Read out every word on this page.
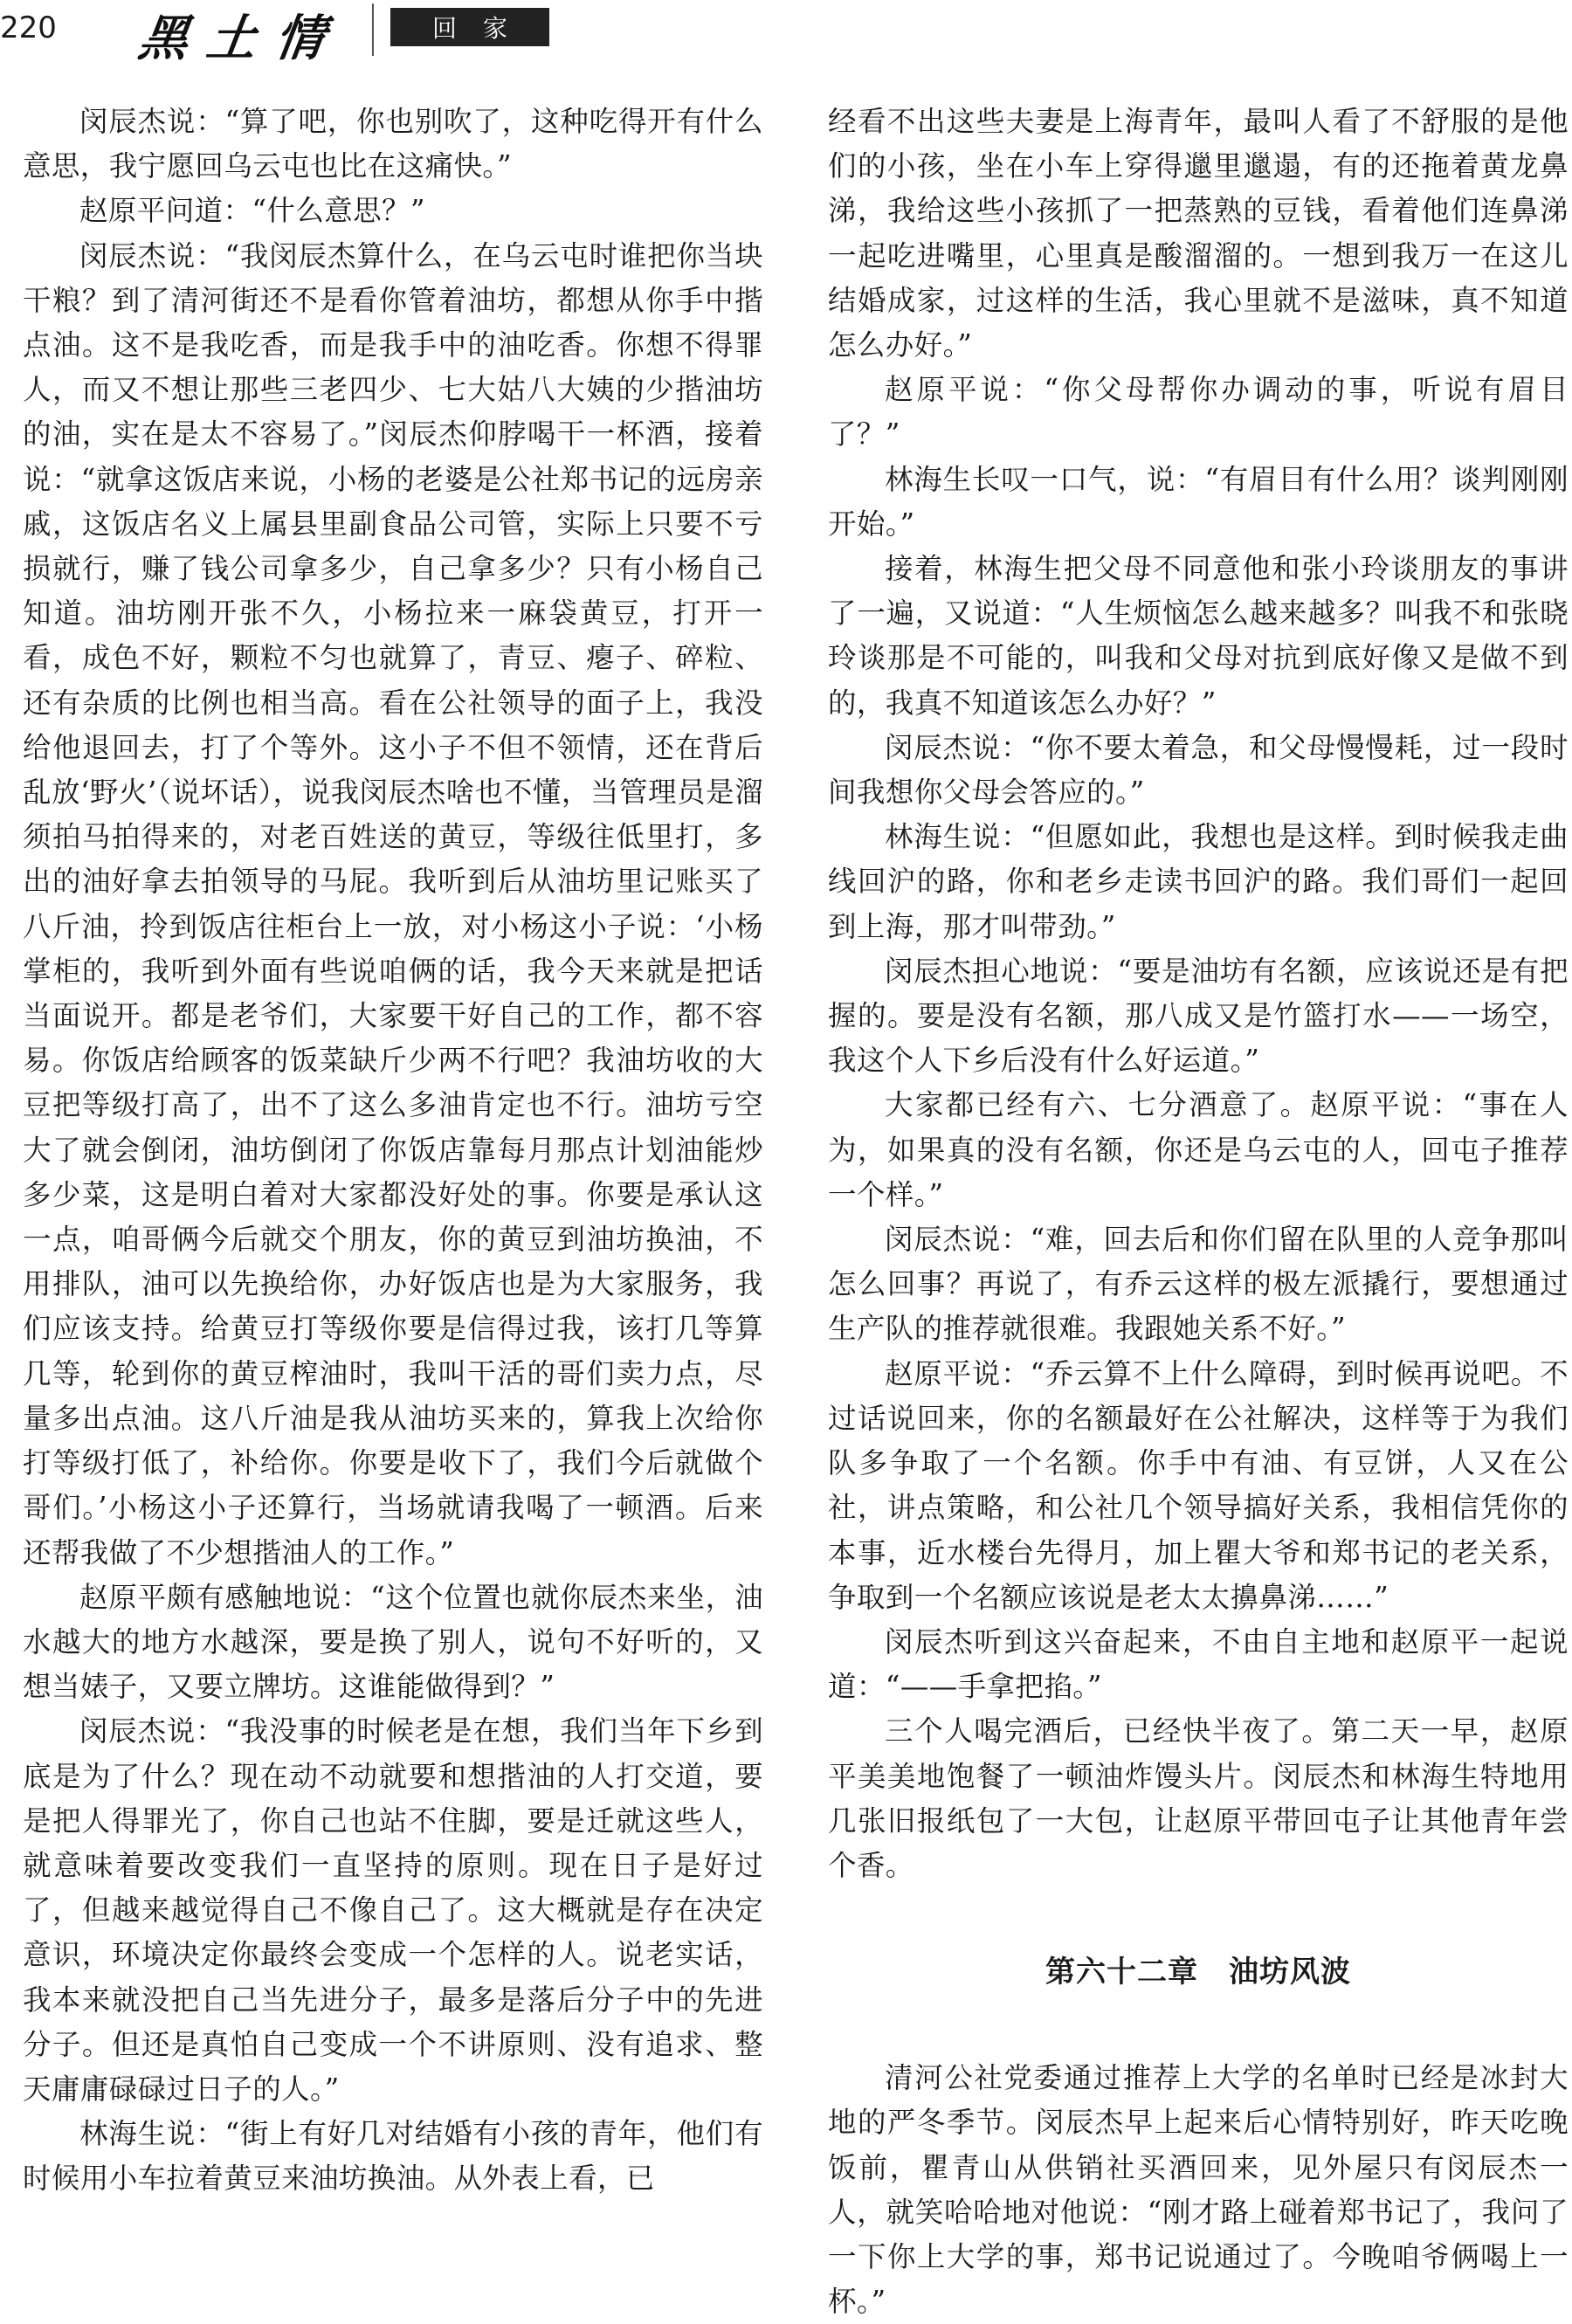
220 黑土情	回家

闵辰杰说：“算了吧，你也别吹了，这种吃得开有什么意思，我宁愿回乌云屯也比在这痛快。”

赵原平问道：“什么意思？”

闵辰杰说：“我闵辰杰算什么，在乌云屯时谁把你当块干粮？到了清河街还不是看你管着油坊，都想从你手中揩点油。这不是我吃香，而是我手中的油吃香。你想不得罪人，而又不想让那些三老四少、七大姑八大姨的少揩油坊的油，实在是太不容易了。”闵辰杰仰脖喝干一杯酒，接着说：“就拿这饭店来说，小杨的老婆是公社郑书记的远房亲戚，这饭店名义上属县里副食品公司管，实际上只要不亏损就行，赚了钱公司拿多少，自己拿多少？只有小杨自己知道。油坊刚开张不久，小杨拉来一麻袋黄豆，打开一看，成色不好，颗粒不匀也就算了，青豆、瘪子、碎粒、还有杂质的比例也相当高。看在公社领导的面子上，我没给他退回去，打了个等外。这小子不但不领情，还在背后乱放‘野火’（说坏话），说我闵辰杰啥也不懂，当管理员是溜须拍马拍得来的，对老百姓送的黄豆，等级往低里打，多出的油好拿去拍领导的马屁。我听到后从油坊里记账买了八斤油，拎到饭店往柜台上一放，对小杨这小子说：‘小杨掌柜的，我听到外面有些说咱俩的话，我今天来就是把话当面说开。都是老爷们，大家要干好自己的工作，都不容易。你饭店给顾客的饭菜缺斤少两不行吧？我油坊收的大豆把等级打高了，出不了这么多油肯定也不行。油坊亏空大了就会倒闭，油坊倒闭了你饭店靠每月那点计划油能炒多少菜，这是明白着对大家都没好处的事。你要是承认这一点，咱哥俩今后就交个朋友，你的黄豆到油坊换油，不用排队，油可以先换给你，办好饭店也是为大家服务，我们应该支持。给黄豆打等级你要是信得过我，该打几等算几等，轮到你的黄豆榨油时，我叫干活的哥们卖力点，尽量多出点油。这八斤油是我从油坊买来的，算我上次给你打等级打低了，补给你。你要是收下了，我们今后就做个哥们。’小杨这小子还算行，当场就请我喝了一顿酒。后来还帮我做了不少想揩油人的工作。”

赵原平颇有感触地说：“这个位置也就你辰杰来坐，油水越大的地方水越深，要是换了别人，说句不好听的，又想当婊子，又要立牌坊。这谁能做得到？”

闵辰杰说：“我没事的时候老是在想，我们当年下乡到底是为了什么？现在动不动就要和想揩油的人打交道，要是把人得罪光了，你自己也站不住脚，要是迁就这些人，就意味着要改变我们一直坚持的原则。现在日子是好过了，但越来越觉得自己不像自己了。这大概就是存在决定意识，环境决定你最终会变成一个怎样的人。说老实话，我本来就没把自己当先进分子，最多是落后分子中的先进分子。但还是真怕自己变成一个不讲原则、没有追求、整天庸庸碌碌过日子的人。”

林海生说：“街上有好几对结婚有小孩的青年，他们有时候用小车拉着黄豆来油坊换油。从外表上看，已

经看不出这些夫妻是上海青年，最叫人看了不舒服的是他们的小孩，坐在小车上穿得邋里邋遢，有的还拖着黄龙鼻涕，我给这些小孩抓了一把蒸熟的豆钱，看着他们连鼻涕一起吃进嘴里，心里真是酸溜溜的。一想到我万一在这儿结婚成家，过这样的生活，我心里就不是滋味，真不知道怎么办好。”

赵原平说：“你父母帮你办调动的事，听说有眉目了？”

林海生长叹一口气，说：“有眉目有什么用？谈判刚刚开始。”

接着，林海生把父母不同意他和张小玲谈朋友的事讲了一遍，又说道：“人生烦恼怎么越来越多？叫我不和张晓玲谈那是不可能的，叫我和父母对抗到底好像又是做不到的，我真不知道该怎么办好？”

闵辰杰说：“你不要太着急，和父母慢慢耗，过一段时间我想你父母会答应的。”

林海生说：“但愿如此，我想也是这样。到时候我走曲线回沪的路，你和老乡走读书回沪的路。我们哥们一起回到上海，那才叫带劲。”

闵辰杰担心地说：“要是油坊有名额，应该说还是有把握的。要是没有名额，那八成又是竹篮打水——一场空，我这个人下乡后没有什么好运道。”

大家都已经有六、七分酒意了。赵原平说：“事在人为，如果真的没有名额，你还是乌云屯的人，回屯子推荐一个样。”

闵辰杰说：“难，回去后和你们留在队里的人竞争那叫怎么回事？再说了，有乔云这样的极左派撬行，要想通过生产队的推荐就很难。我跟她关系不好。”

赵原平说：“乔云算不上什么障碍，到时候再说吧。不过话说回来，你的名额最好在公社解决，这样等于为我们队多争取了一个名额。你手中有油、有豆饼，人又在公社，讲点策略，和公社几个领导搞好关系，我相信凭你的本事，近水楼台先得月，加上瞿大爷和郑书记的老关系，争取到一个名额应该说是老太太擤鼻涕……”

闵辰杰听到这兴奋起来，不由自主地和赵原平一起说道：“——手拿把掐。”

三个人喝完酒后，已经快半夜了。第二天一早，赵原平美美地饱餐了一顿油炸馒头片。闵辰杰和林海生特地用几张旧报纸包了一大包，让赵原平带回屯子让其他青年尝个香。

第六十二章　油坊风波

清河公社党委通过推荐上大学的名单时已经是冰封大地的严冬季节。闵辰杰早上起来后心情特别好，昨天吃晚饭前，瞿青山从供销社买酒回来，见外屋只有闵辰杰一人，就笑哈哈地对他说：“刚才路上碰着郑书记了，我问了一下你上大学的事，郑书记说通过了。今晚咱爷俩喝上一杯。”
